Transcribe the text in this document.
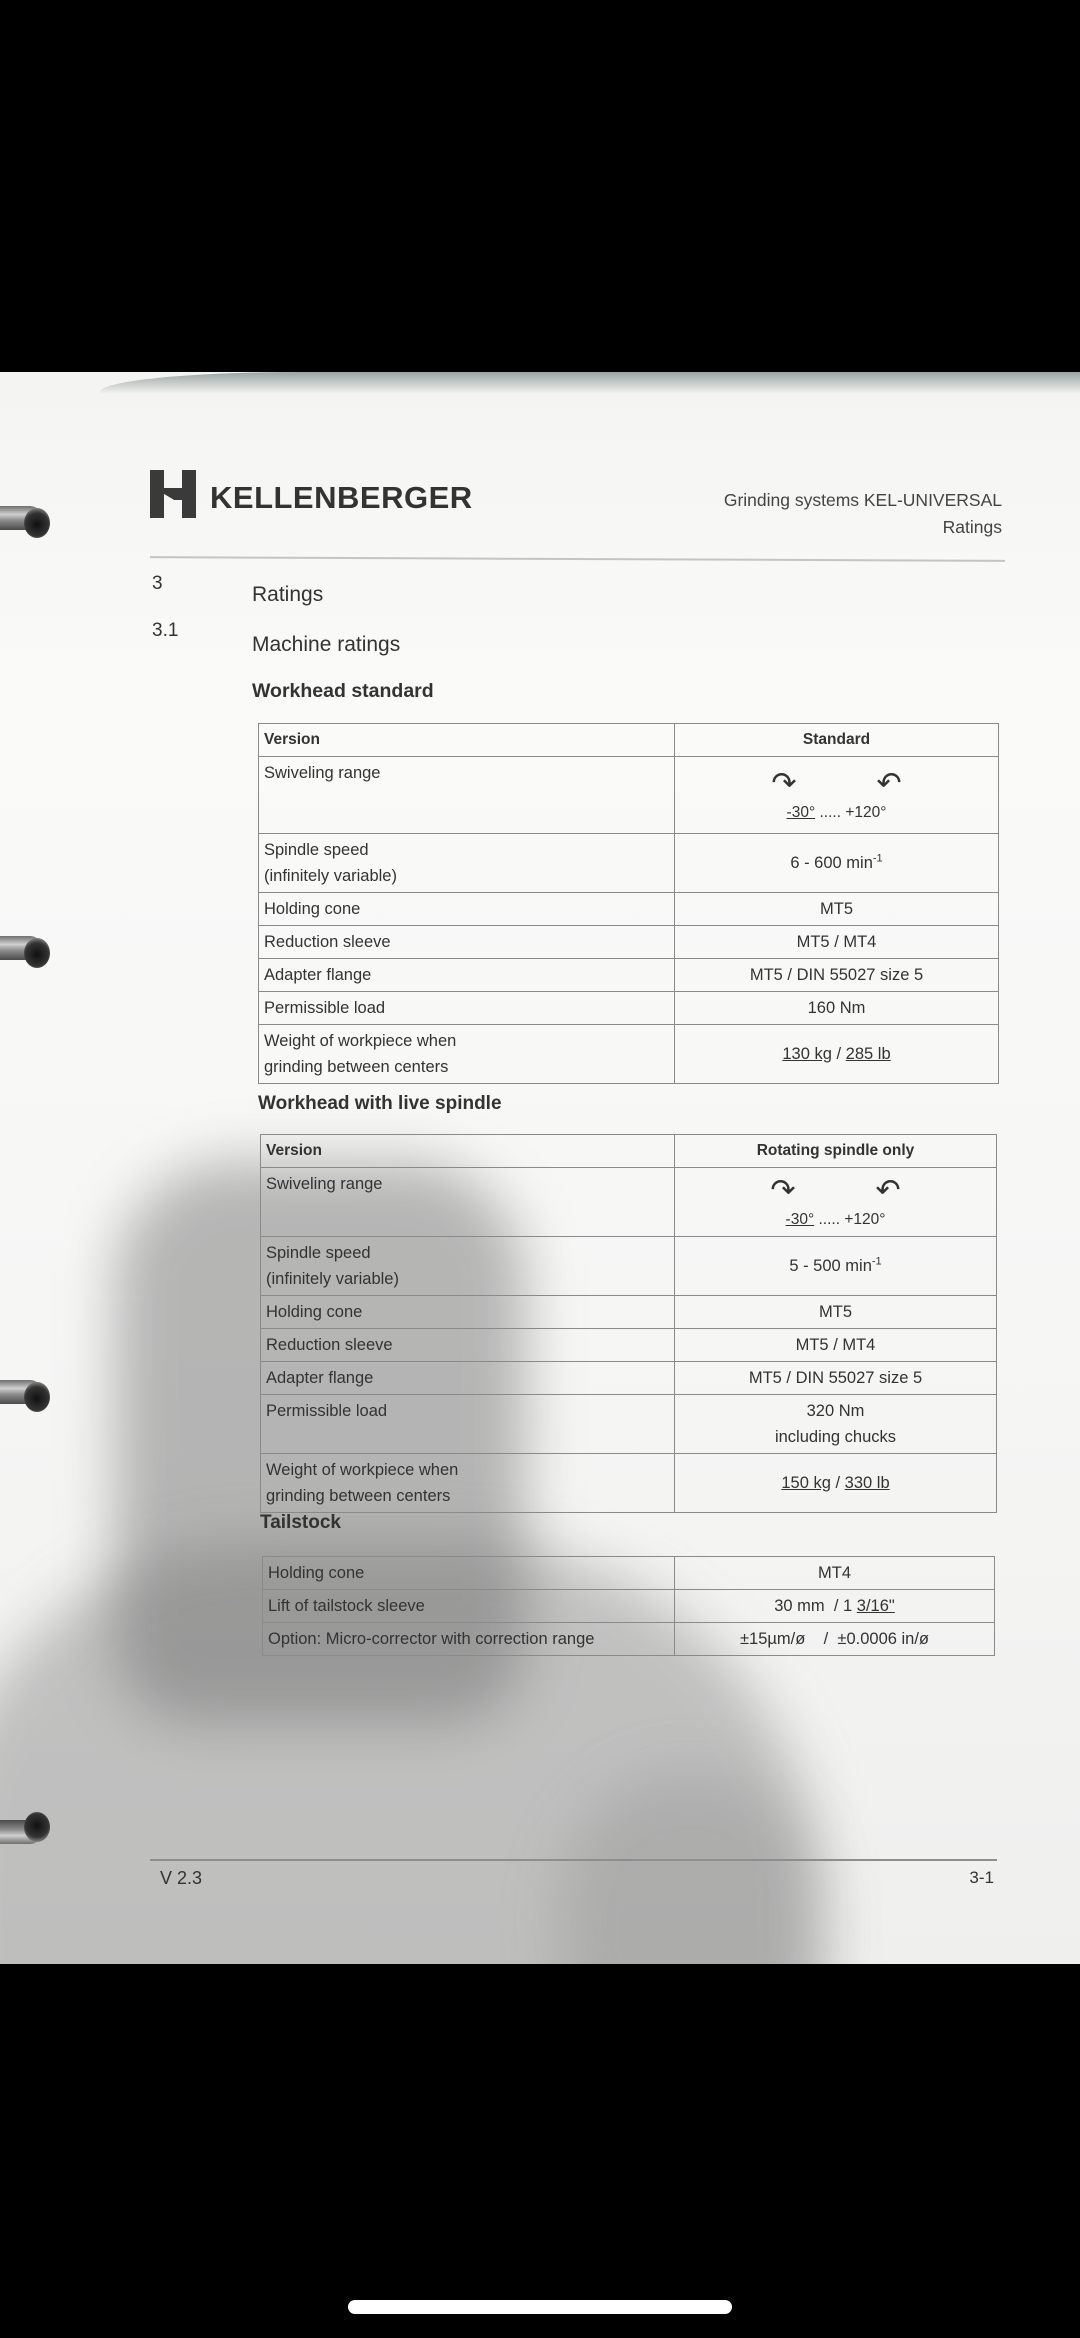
KELLENBERGER	Grinding systems KEL-UNIVERSAL
Ratings
3	Ratings
3.1
Machine ratings
Workhead standard
Version	Standard
Swiveling range	↷ ↶
-30° ..... +120°

Spindle speed
(infinitely variable)	6 - 600 $\min^{-1}$
Holding cone	MT5
Reduction sleeve	MT5 / MT4
Adapter flange	MT5 / DIN 55027 size 5
Permissible load	160 Nm

Weight of workpiece when
grinding between centers	130 kg / 285 lb
Workhead with live spindle
Version	Rotating spindle only
Swiveling range	↷ ↶
-30° ..... +120°

Spindle speed
(infinitely variable)	5 - 500 $\min^{-1}$
Holding cone	MT5
Reduction sleeve	MT5 / MT4
Adapter flange	MT5 / DIN 55027 size 5
Permissible load	320 Nm
including chucks

Weight of workpiece when
grinding between centers	150 kg / 330 lb
Tailstock
Holding cone	MT4
Lift of tailstock sleeve	30 mm  / 1 3/16"
Option: Micro-corrector with correction range	±15µm/ø    /  ±0.0006 in/ø
V 2.3	3-1
